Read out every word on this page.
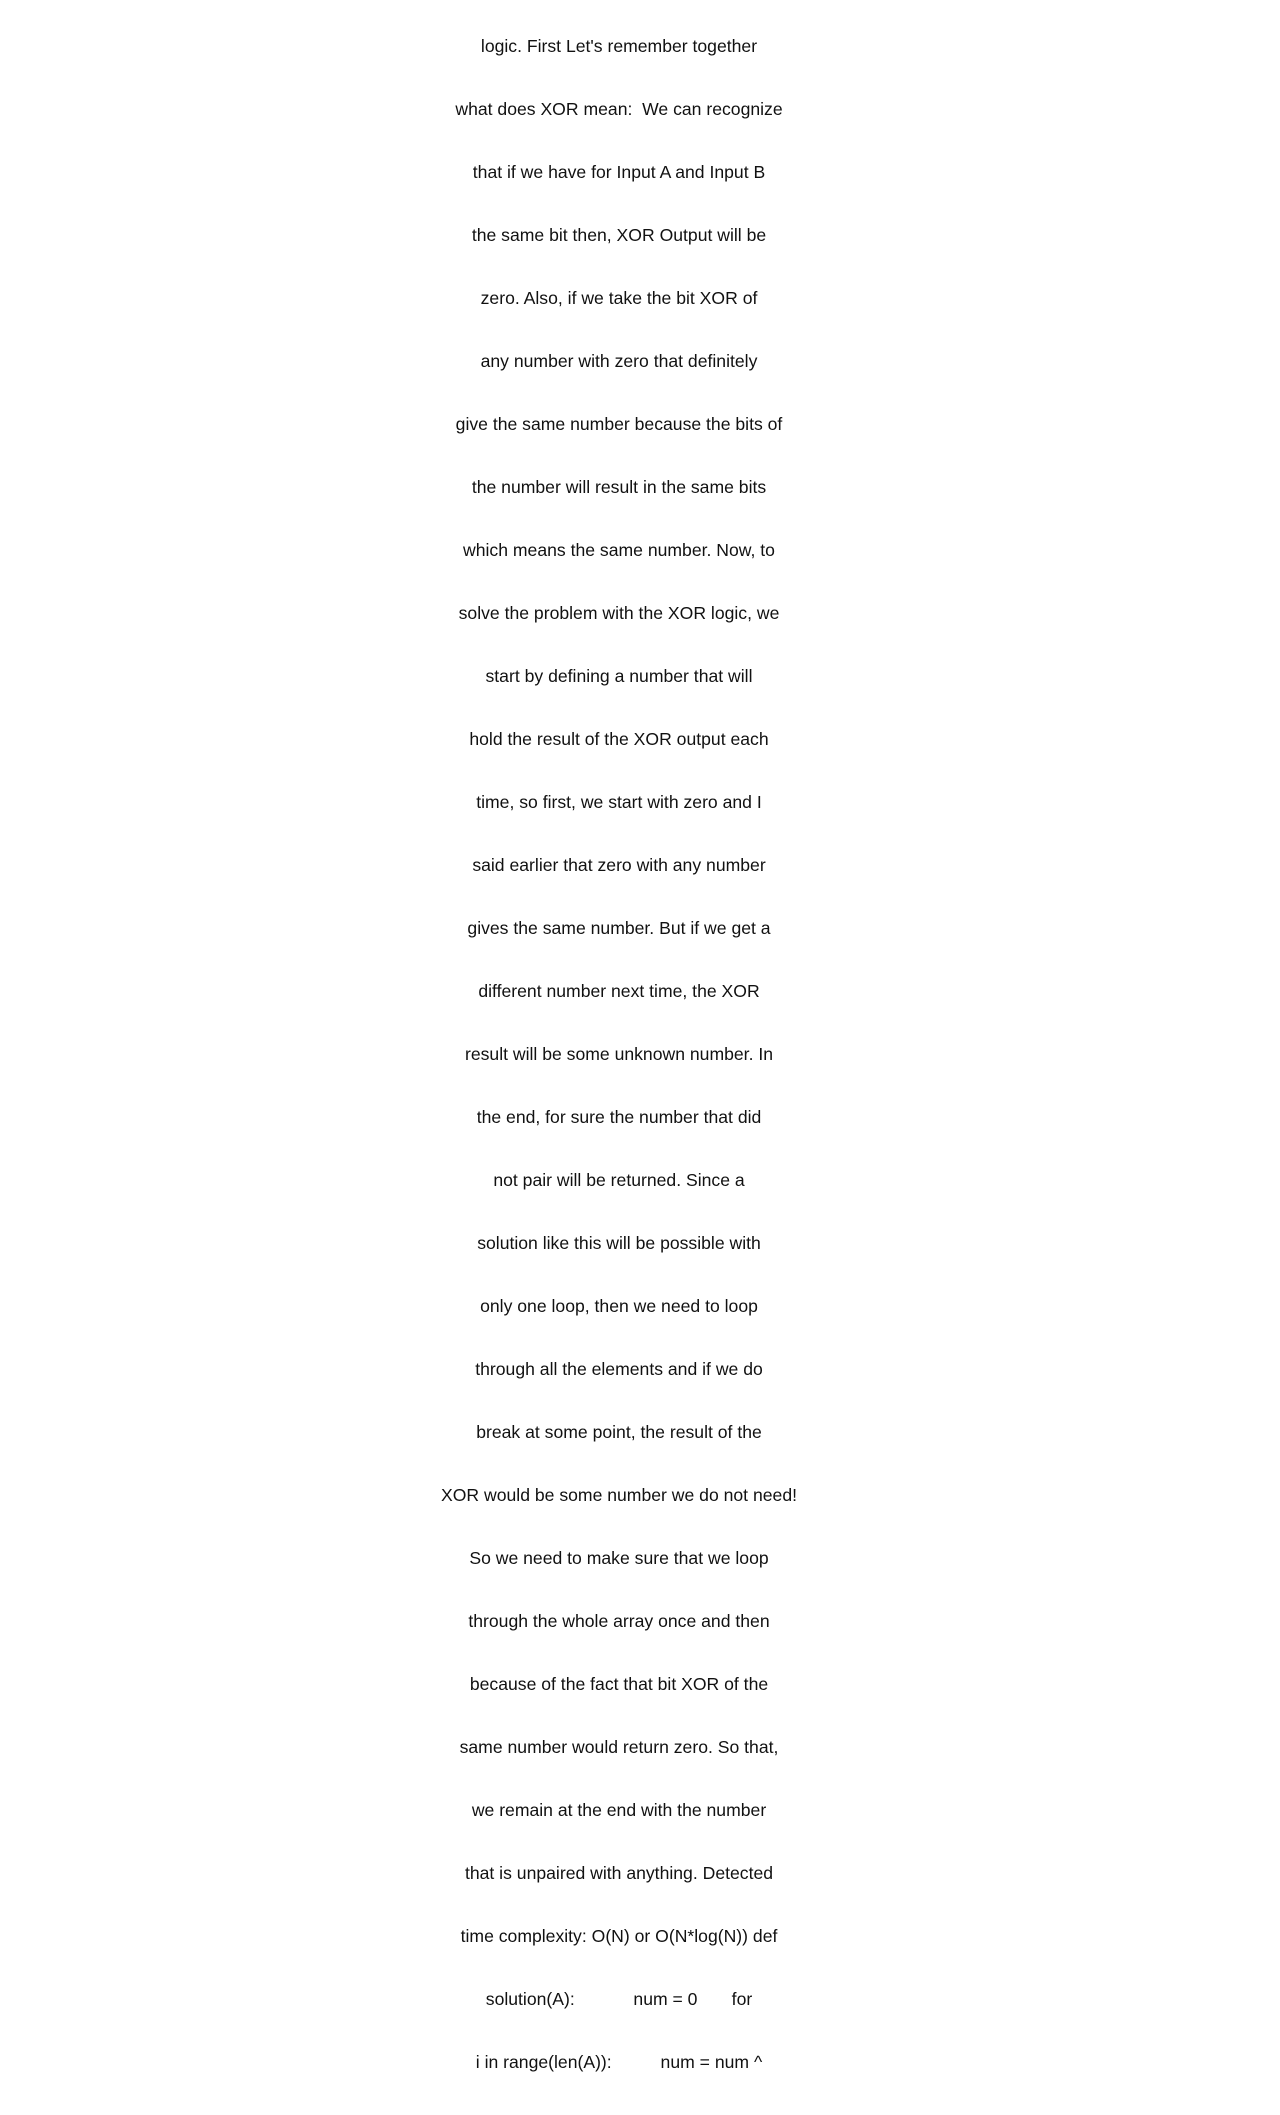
logic. First Let's remember together

what does XOR mean:  We can recognize

that if we have for Input A and Input B

the same bit then, XOR Output will be

zero. Also, if we take the bit XOR of

any number with zero that definitely

give the same number because the bits of

the number will result in the same bits

which means the same number. Now, to

solve the problem with the XOR logic, we

start by defining a number that will

hold the result of the XOR output each

time, so first, we start with zero and I

said earlier that zero with any number

gives the same number. But if we get a

different number next time, the XOR

result will be some unknown number. In

the end, for sure the number that did

not pair will be returned. Since a

solution like this will be possible with

only one loop, then we need to loop

through all the elements and if we do

break at some point, the result of the

XOR would be some number we do not need!

So we need to make sure that we loop

through the whole array once and then

because of the fact that bit XOR of the

same number would return zero. So that,

we remain at the end with the number

that is unpaired with anything. Detected

time complexity: O(N) or O(N*log(N)) def

solution(A):            num = 0       for

i in range(len(A)):          num = num ^
